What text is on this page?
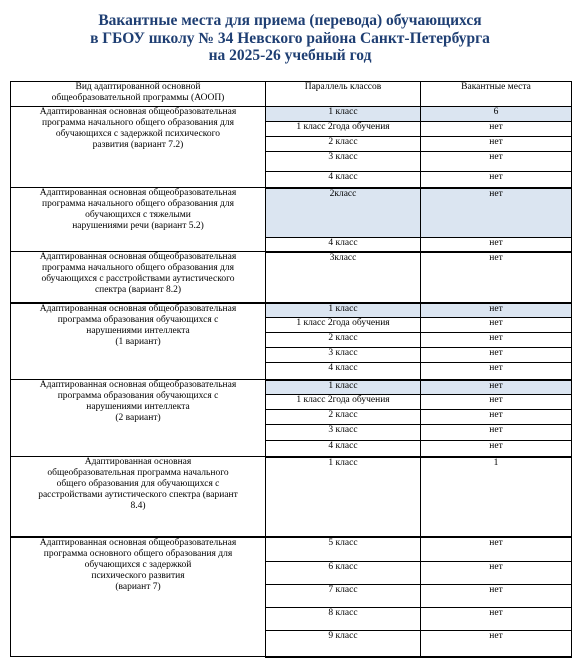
Вакантные места для приема (перевода) обучающихся
в ГБОУ школу № 34 Невского района Санкт-Петербурга
на 2025-26 учебный год
Вид адаптированной основной
общеобразовательной программы (АООП)	Параллель классов	Вакантные места

Адаптированная основная общеобразовательная
программа начального общего образования для
обучающихся с задержкой психического
развития (вариант 7.2)	1 класс	6
	1 класс 2года обучения	нет
	2 класс	нет
	3 класс	нет
	4 класс	нет

Адаптированная основная общеобразовательная
программа начального общего образования для
обучающихся с тяжелыми
нарушениями речи (вариант 5.2)	2класс	нет
	4 класс	нет

Адаптированная основная общеобразовательная
программа начального общего образования для
обучающихся с расстройствами аутистического
спектра (вариант 8.2)	3класс	нет

Адаптированная основная общеобразовательная
программа образования обучающихся с
нарушениями интеллекта
(1 вариант)	1 класс	нет
	1 класс 2года обучения	нет
	2 класс	нет
	3 класс	нет
	4 класс	нет

Адаптированная основная общеобразовательная
программа образования обучающихся с
нарушениями интеллекта
(2 вариант)	1 класс	нет
	1 класс 2года обучения	нет
	2 класс	нет
	3 класс	нет
	4 класс	нет

Адаптированная основная
общеобразовательная программа начального
общего образования для обучающихся с
расстройствами аутистического спектра (вариант
8.4)	1 класс	1

Адаптированная основная общеобразовательная
программа основного общего образования для
обучающихся с задержкой
психического развития
(вариант 7)	5 класс	нет
	6 класс	нет
	7 класс	нет
	8 класс	нет
	9 класс	нет
